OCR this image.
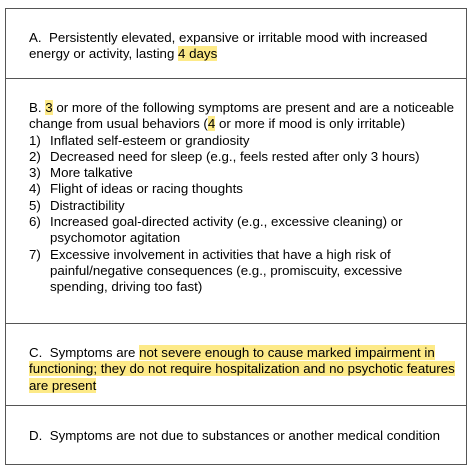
A. Persistently elevated, expansive or irritable mood with increased energy or activity, lasting 4 days
B. 3 or more of the following symptoms are present and are a noticeable change from usual behaviors (4 or more if mood is only irritable)
1) Inflated self-esteem or grandiosity
2) Decreased need for sleep (e.g., feels rested after only 3 hours)
3) More talkative
4) Flight of ideas or racing thoughts
5) Distractibility
6) Increased goal-directed activity (e.g., excessive cleaning) or psychomotor agitation
7) Excessive involvement in activities that have a high risk of painful/negative consequences (e.g., promiscuity, excessive spending, driving too fast)
C. Symptoms are not severe enough to cause marked impairment in functioning; they do not require hospitalization and no psychotic features are present
D. Symptoms are not due to substances or another medical condition
